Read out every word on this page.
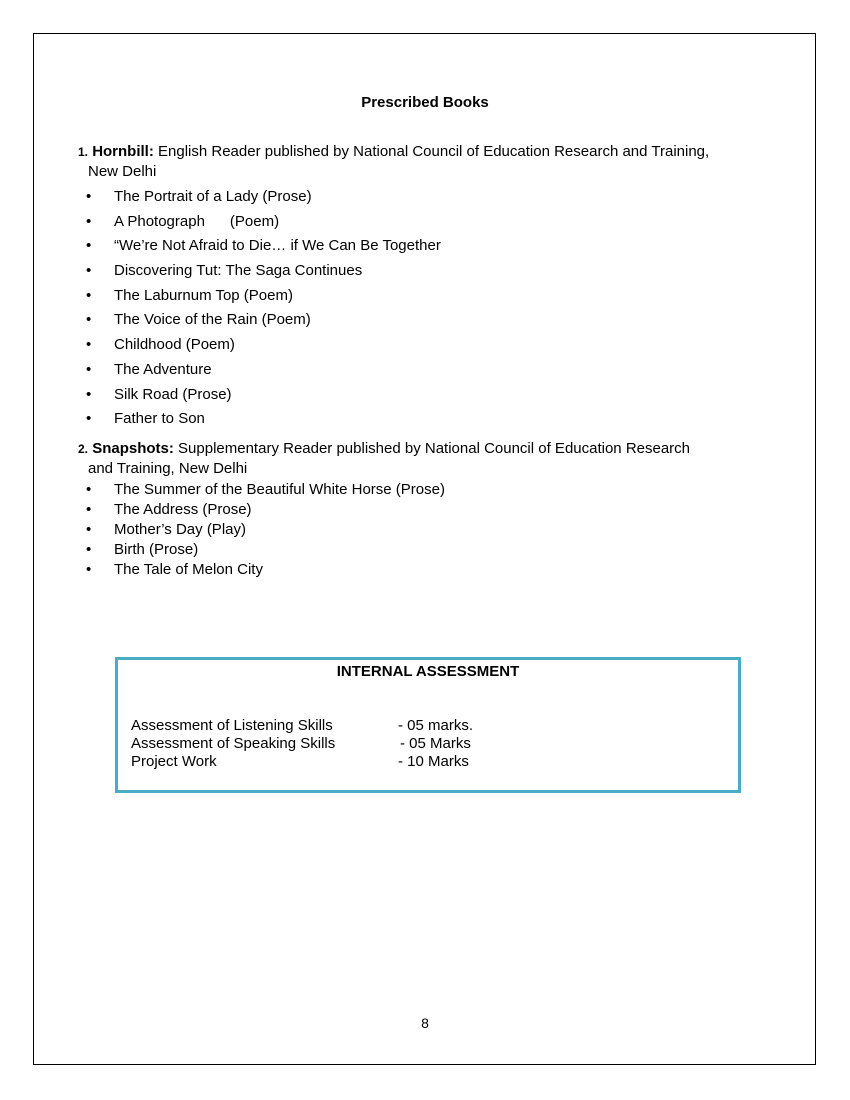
Prescribed Books
1. Hornbill: English Reader published by National Council of Education Research and Training,
New Delhi
• The Portrait of a Lady (Prose)
• A Photograph      (Poem)
• “We’re Not Afraid to Die… if We Can Be Together
• Discovering Tut: The Saga Continues
• The Laburnum Top (Poem)
• The Voice of the Rain (Poem)
• Childhood (Poem)
• The Adventure
• Silk Road (Prose)
• Father to Son
2. Snapshots: Supplementary Reader published by National Council of Education Research
and Training, New Delhi
• The Summer of the Beautiful White Horse (Prose)
• The Address (Prose)
• Mother’s Day (Play)
• Birth (Prose)
• The Tale of Melon City
INTERNAL ASSESSMENT
Assessment of Listening Skills	- 05 marks.
Assessment of Speaking Skills	- 05 Marks
Project Work	- 10 Marks
8
